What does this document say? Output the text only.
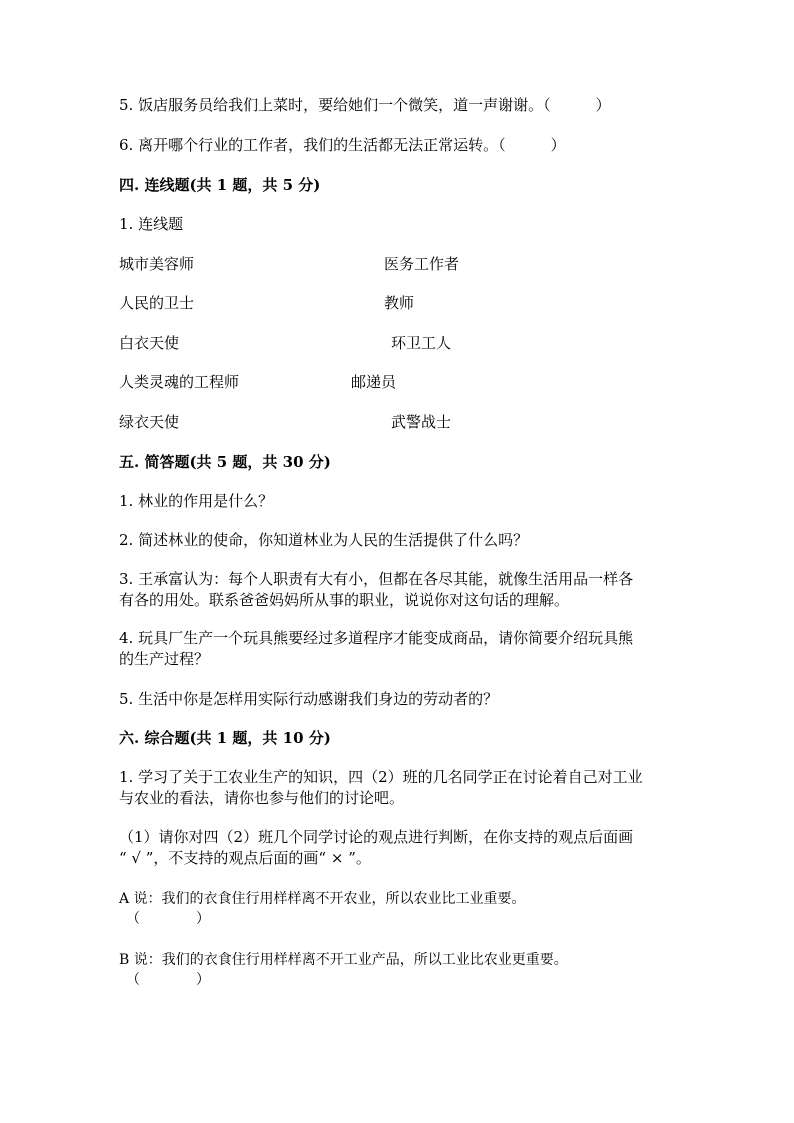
5. 饭店服务员给我们上菜时，要给她们一个微笑，道一声谢谢。（　　　）
6. 离开哪个行业的工作者，我们的生活都无法正常运转。（　　　）
四. 连线题(共 1 题，共 5 分)
1. 连线题
城市美容师	医务工作者
人民的卫士	教师
白衣天使	环卫工人
人类灵魂的工程师	邮递员
绿衣天使	武警战士
五. 简答题(共 5 题，共 30 分)
1. 林业的作用是什么？
2. 简述林业的使命，你知道林业为人民的生活提供了什么吗？
3. 王承富认为：每个人职责有大有小，但都在各尽其能，就像生活用品一样各
有各的用处。联系爸爸妈妈所从事的职业，说说你对这句话的理解。
4. 玩具厂生产一个玩具熊要经过多道程序才能变成商品，请你简要介绍玩具熊
的生产过程？
5. 生活中你是怎样用实际行动感谢我们身边的劳动者的？
六. 综合题(共 1 题，共 10 分)
1. 学习了关于工农业生产的知识，四（2）班的几名同学正在讨论着自己对工业
与农业的看法，请你也参与他们的讨论吧。
（1）请你对四（2）班几个同学讨论的观点进行判断，在你支持的观点后面画
“ √ ”，不支持的观点后面的画“ × ”。
A 说：我们的衣食住行用样样离不开农业，所以农业比工业重要。
（　　　　）
B 说：我们的衣食住行用样样离不开工业产品，所以工业比农业更重要。
（　　　　）
